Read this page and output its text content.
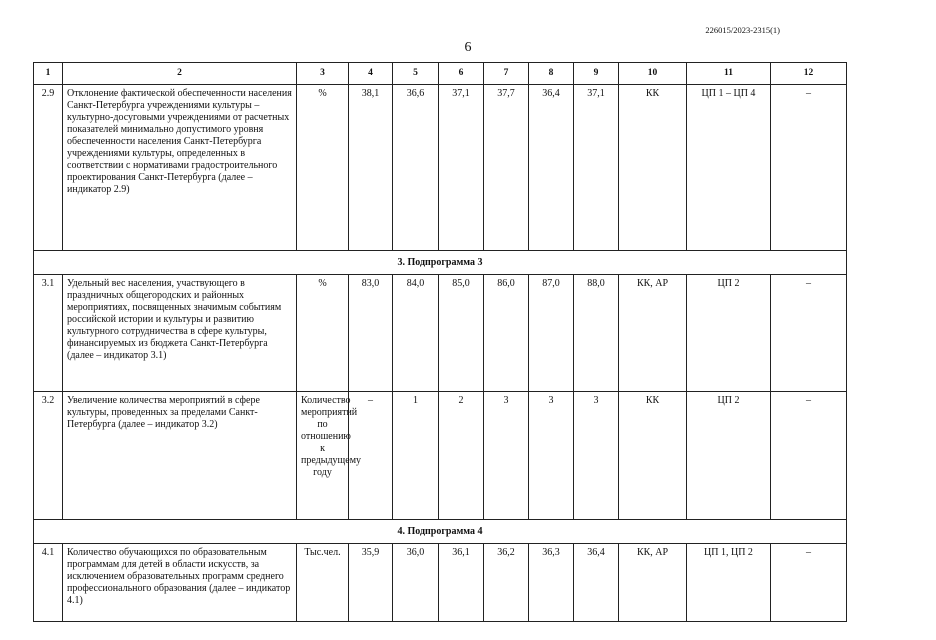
226015/2023-2315(1)
6
1	2	3	4	5	6	7	8	9	10	11	12
2.9	Отклонение фактической обеспеченности населения Санкт-Петербурга учреждениями культуры – культурно-досуговыми учреждениями от расчетных показателей минимально допустимого уровня обеспеченности населения Санкт-Петербурга учреждениями культуры, определенных в соответствии с нормативами градостроительного проектирования Санкт-Петербурга (далее – индикатор 2.9)	%	38,1	36,6	37,1	37,7	36,4	37,1	КК	ЦП 1 – ЦП 4	–
3. Подпрограмма 3											
3.1	Удельный вес населения, участвующего в праздничных общегородских и районных мероприятиях, посвященных значимым событиям российской истории и культуры и развитию культурного сотрудничества в сфере культуры, финансируемых из бюджета Санкт-Петербурга (далее – индикатор 3.1)	%	83,0	84,0	85,0	86,0	87,0	88,0	КК, АР	ЦП 2	–
3.2	Увеличение количества мероприятий в сфере культуры, проведенных за пределами Санкт-Петербурга (далее – индикатор 3.2)	Количество мероприятий по отношению к предыдущему году	–	1	2	3	3	3	КК	ЦП 2	–
4. Подпрограмма 4											
4.1	Количество обучающихся по образовательным программам для детей в области искусств, за исключением образовательных программ среднего профессионального образования (далее – индикатор 4.1)	Тыс.чел.	35,9	36,0	36,1	36,2	36,3	36,4	КК, АР	ЦП 1, ЦП 2	–
